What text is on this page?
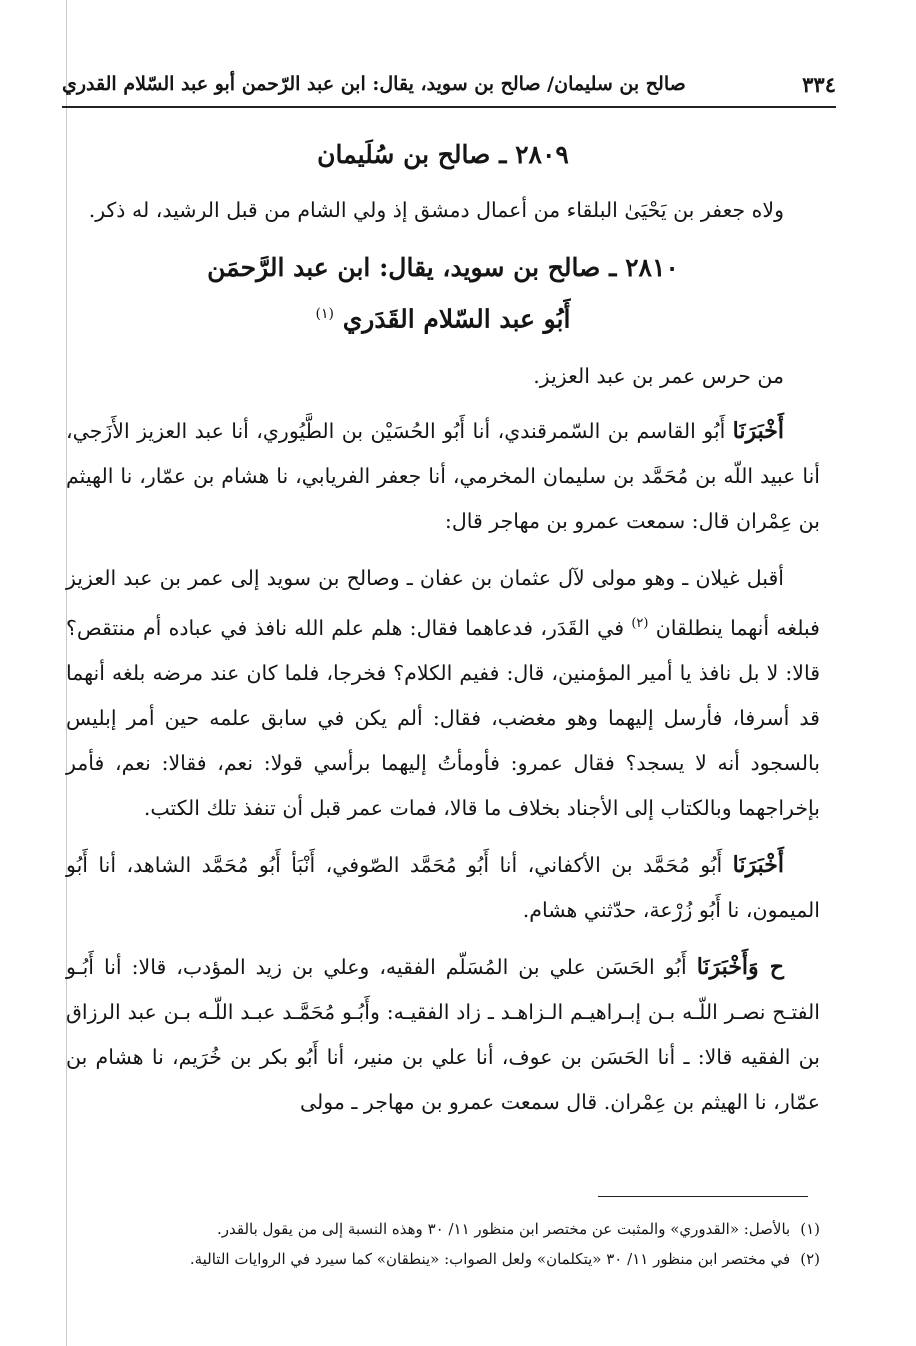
صالح بن سليمان/ صالح بن سويد، يقال: ابن عبد الرّحمن أبو عبد السّلام القدري	٣٣٤
٢٨٠٩ ـ صالح بن سُلَيمان

ولاه جعفر بن يَحْيَىٰ البلقاء من أعمال دمشق إذ ولي الشام من قبل الرشيد، له ذكر.

٢٨١٠ ـ صالح بن سويد، يقال: ابن عبد الرَّحمَن
أَبُو عبد السّلام القَدَري $^{(١)}$

من حرس عمر بن عبد العزيز.

أَخْبَرَنَا أَبُو القاسم بن السّمرقندي، أنا أَبُو الحُسَيْن بن الطَّيُوري، أنا عبد العزيز الأَزَجي، أنا عبيد اللّه بن مُحَمَّد بن سليمان المخرمي، أنا جعفر الفريابي، نا هشام بن عمّار، نا الهيثم بن عِمْران قال: سمعت عمرو بن مهاجر قال:

أقبل غيلان ـ وهو مولى لآل عثمان بن عفان ـ وصالح بن سويد إلى عمر بن عبد العزيز فبلغه أنهما ينطلقان $^{(٢)}$ في القَدَر، فدعاهما فقال: هلم علم الله نافذ في عباده أم منتقص؟ قالا: لا بل نافذ يا أمير المؤمنين، قال: ففيم الكلام؟ فخرجا، فلما كان عند مرضه بلغه أنهما قد أسرفا، فأرسل إليهما وهو مغضب، فقال: ألم يكن في سابق علمه حين أمر إبليس بالسجود أنه لا يسجد؟ فقال عمرو: فأومأتُ إليهما برأسي قولا: نعم، فقالا: نعم، فأمر بإخراجهما وبالكتاب إلى الأجناد بخلاف ما قالا، فمات عمر قبل أن تنفذ تلك الكتب.

أَخْبَرَنَا أَبُو مُحَمَّد بن الأكفاني، أنا أَبُو مُحَمَّد الصّوفي، أَنْبَأ أَبُو مُحَمَّد الشاهد، أنا أَبُو الميمون، نا أَبُو زُرْعة، حدّثني هشام.

ح وَأَخْبَرَنَا أَبُو الحَسَن علي بن المُسَلّم الفقيه، وعلي بن زيد المؤدب، قالا: أنا أَبُـو الفتـح نصـر اللّـه بـن إبـراهيـم الـزاهـد ـ زاد الفقيـه: وأَبُـو مُحَمَّـد عبـد اللّـه بـن عبد الرزاق بن الفقيه قالا: ـ أنا الحَسَن بن عوف، أنا علي بن منير، أنا أَبُو بكر بن خُرَيم، نا هشام بن عمّار، نا الهيثم بن عِمْران. قال سمعت عمرو بن مهاجر ـ مولى

(١)بالأصل: «القدوري» والمثبت عن مختصر ابن منظور ١١/ ٣٠ وهذه النسبة إلى من يقول بالقدر.
(٢)في مختصر ابن منظور ١١/ ٣٠ «يتكلمان» ولعل الصواب: «ينطقان» كما سيرد في الروايات التالية.
